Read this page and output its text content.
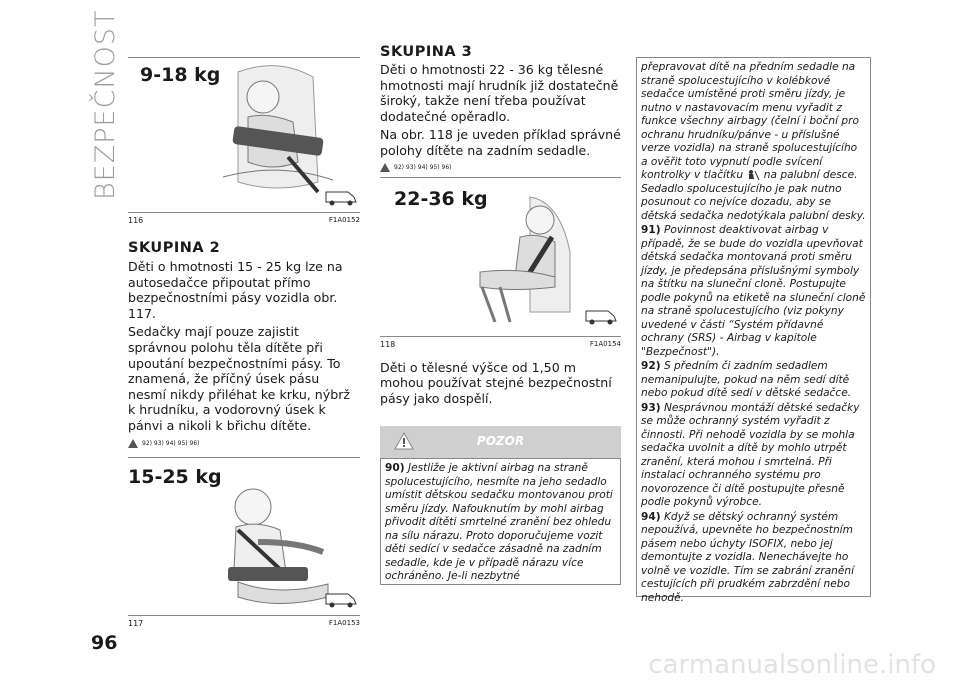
BEZPEČNOST 9-18 kg
116	F1A0152
SKUPINA 2

Děti o hmotnosti 15 - 25 kg lze na autosedačce připoutat přímo bezpečnostními pásy vozidla obr. 117.

Sedačky mají pouze zajistit správnou polohu těla dítěte při upoutání bezpečnostními pásy. To znamená, že příčný úsek pásu nesmí nikdy přiléhat ke krku, nýbrž k hrudníku, a vodorovný úsek k pánvi a nikoli k břichu dítěte.

92) 93) 94) 95) 96)
15-25 kg
117	F1A0153
SKUPINA 3

Děti o hmotnosti 22 - 36 kg tělesné hmotnosti mají hrudník již dostatečně široký, takže není třeba používat dodatečné opěradlo.

Na obr. 118 je uveden příklad správné polohy dítěte na zadním sedadle.

92) 93) 94) 95) 96)
22-36 kg
118	F1A0154

Děti o tělesné výšce od 1,50 m mohou používat stejné bezpečnostní pásy jako dospělí.

POZOR
90) Jestliže je aktivní airbag na straně spolucestujícího, nesmíte na jeho sedadlo umístit dětskou sedačku montovanou proti směru jízdy. Nafouknutím by mohl airbag přivodit dítěti smrtelné zranění bez ohledu na sílu nárazu. Proto doporučujeme vozit děti sedící v sedačce zásadně na zadním sedadle, kde je v případě nárazu více ochráněno. Je-li nezbytné

přepravovat dítě na předním sedadle na straně spolucestujícího v kolébkové sedačce umístěné proti směru jízdy, je nutno v nastavovacím menu vyřadit z funkce všechny airbagy (čelní i boční pro ochranu hrudníku/pánve - u příslušné verze vozidla) na straně spolucestujícího a ověřit toto vypnutí podle svícení kontrolky v tlačítku na palubní desce. Sedadlo spolucestujícího je pak nutno posunout co nejvíce dozadu, aby se dětská sedačka nedotýkala palubní desky.

91) Povinnost deaktivovat airbag v případě, že se bude do vozidla upevňovat dětská sedačka montovaná proti směru jízdy, je předepsána příslušnými symboly na štítku na sluneční cloně. Postupujte podle pokynů na etiketě na sluneční cloně na straně spolucestujícího (viz pokyny uvedené v části “Systém přídavné ochrany (SRS) - Airbag v kapitole "Bezpečnost").

92) S předním či zadním sedadlem nemanipulujte, pokud na něm sedí dítě nebo pokud dítě sedí v dětské sedačce.

93) Nesprávnou montáží dětské sedačky se může ochranný systém vyřadit z činnosti. Při nehodě vozidla by se mohla sedačka uvolnit a dítě by mohlo utrpět zranění, která mohou i smrtelná. Při instalaci ochranného systému pro novorozence či dítě postupujte přesně podle pokynů výrobce.

94) Když se dětský ochranný systém nepoužívá, upevněte ho bezpečnostním pásem nebo úchyty ISOFIX, nebo jej demontujte z vozidla. Nenechávejte ho volně ve vozidle. Tím se zabrání zranění cestujících při prudkém zabrzdění nebo nehodě.

96
carmanualsonline.info
